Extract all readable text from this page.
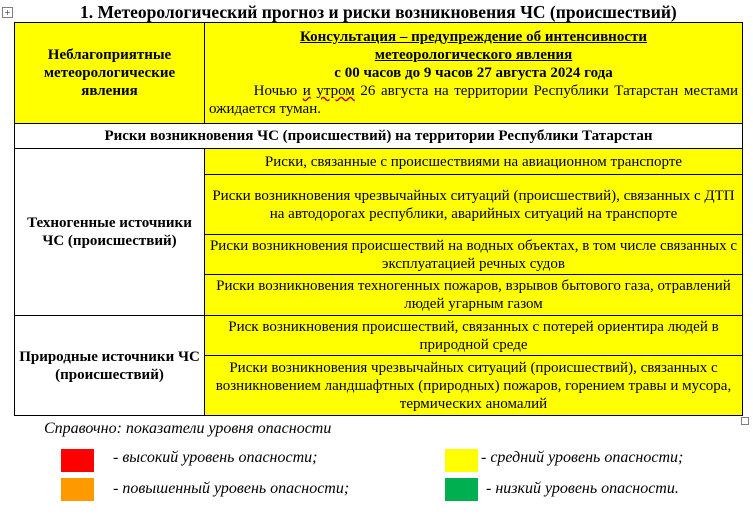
+	1. Метеорологический прогноз и риски возникновения ЧС (происшествий)
Неблагоприятные метеорологические явления	Консультация – предупреждение об интенсивности
метеорологического явления
с 00 часов до 9 часов 27 августа 2024 года
Ночью и утром 26 августа на территории Республики Татарстан местами ожидается туман.

Риски возникновения ЧС (происшествий) на территории Республики Татарстан	
Техногенные источники ЧС (происшествий)	Риски, связанные с происшествиями на авиационном транспорте
	Риски возникновения чрезвычайных ситуаций (происшествий), связанных с ДТП на автодорогах республики, аварийных ситуаций на транспорте
	Риски возникновения происшествий на водных объектах, в том числе связанных с эксплуатацией речных судов
	Риски возникновения техногенных пожаров, взрывов бытового газа, отравлений людей угарным газом
Природные источники ЧС (происшествий)	Риск возникновения происшествий, связанных с потерей ориентира людей в природной среде
	Риски возникновения чрезвычайных ситуаций (происшествий), связанных с возникновением ландшафтных (природных) пожаров, горением травы и мусора, термических аномалий
Справочно: показатели уровня опасности
- высокий уровень опасности;	- средний уровень опасности;
- повышенный уровень опасности;	- низкий уровень опасности.
